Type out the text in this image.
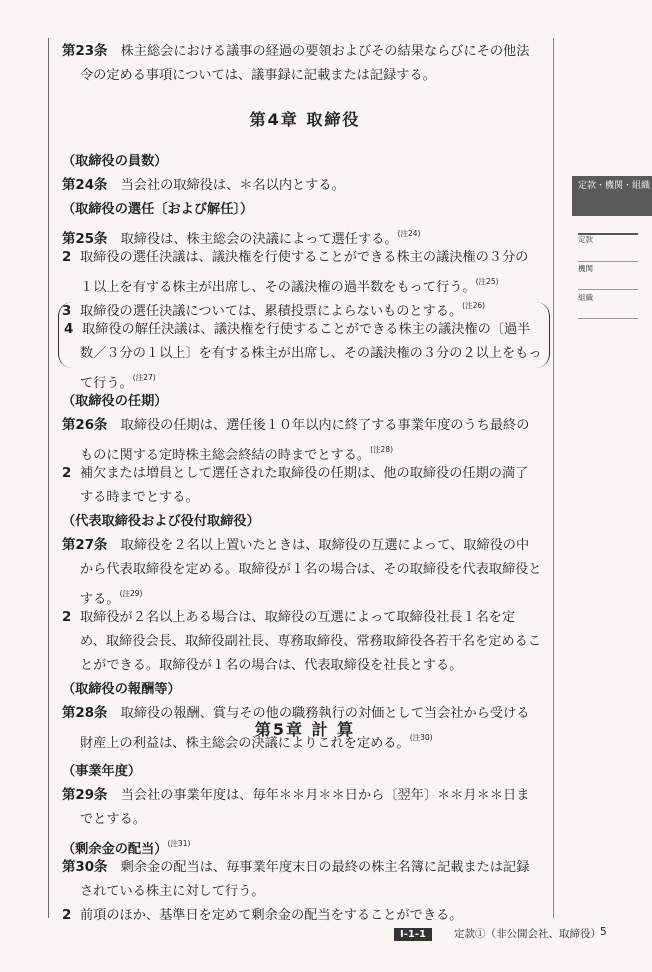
定款・機関・組織
定款
機関
組織
第23条　 株主総会における議事の経過の要領およびその結果ならびにその他法
令の定める事項については、議事録に記載または記録する。
第4章 取締役
（取締役の員数）
第24条　 当会社の取締役は、＊名以内とする。
（取締役の選任〔および解任〕）
第25条　 取締役は、株主総会の決議によって選任する。$^{(注24)}$
2 取締役の選任決議は、議決権を行使することができる株主の議決権の３分の
１以上を有する株主が出席し、その議決権の過半数をもって行う。$^{(注25)}$
3 取締役の選任決議については、累積投票によらないものとする。$^{(注26)}$
4 取締役の解任決議は、議決権を行使することができる株主の議決権の〔過半
数／３分の１以上〕を有する株主が出席し、その議決権の３分の２以上をもっ
て行う。$^{(注27)}$
（取締役の任期）
第26条　 取締役の任期は、選任後１０年以内に終了する事業年度のうち最終の
ものに関する定時株主総会終結の時までとする。$^{(注28)}$
2 補欠または増員として選任された取締役の任期は、他の取締役の任期の満了
する時までとする。
（代表取締役および役付取締役）
第27条　 取締役を２名以上置いたときは、取締役の互選によって、取締役の中
から代表取締役を定める。取締役が１名の場合は、その取締役を代表取締役と
する。$^{(注29)}$
2 取締役が２名以上ある場合は、取締役の互選によって取締役社長１名を定
め、取締役会長、取締役副社長、専務取締役、常務取締役各若干名を定めるこ
とができる。取締役が１名の場合は、代表取締役を社長とする。
（取締役の報酬等）
第28条　 取締役の報酬、賞与その他の職務執行の対価として当会社から受ける
財産上の利益は、株主総会の決議によりこれを定める。$^{(注30)}$
第5章 計 算
（事業年度）
第29条　 当会社の事業年度は、毎年＊＊月＊＊日から〔翌年〕＊＊月＊＊日ま
でとする。
（剰余金の配当）$^{(注31)}$
第30条　 剰余金の配当は、毎事業年度末日の最終の株主名簿に記載または記録
されている株主に対して行う。
2 前項のほか、基準日を定めて剰余金の配当をすることができる。
Ⅰ-1-1	定款①（非公開会社、取締役） 5
